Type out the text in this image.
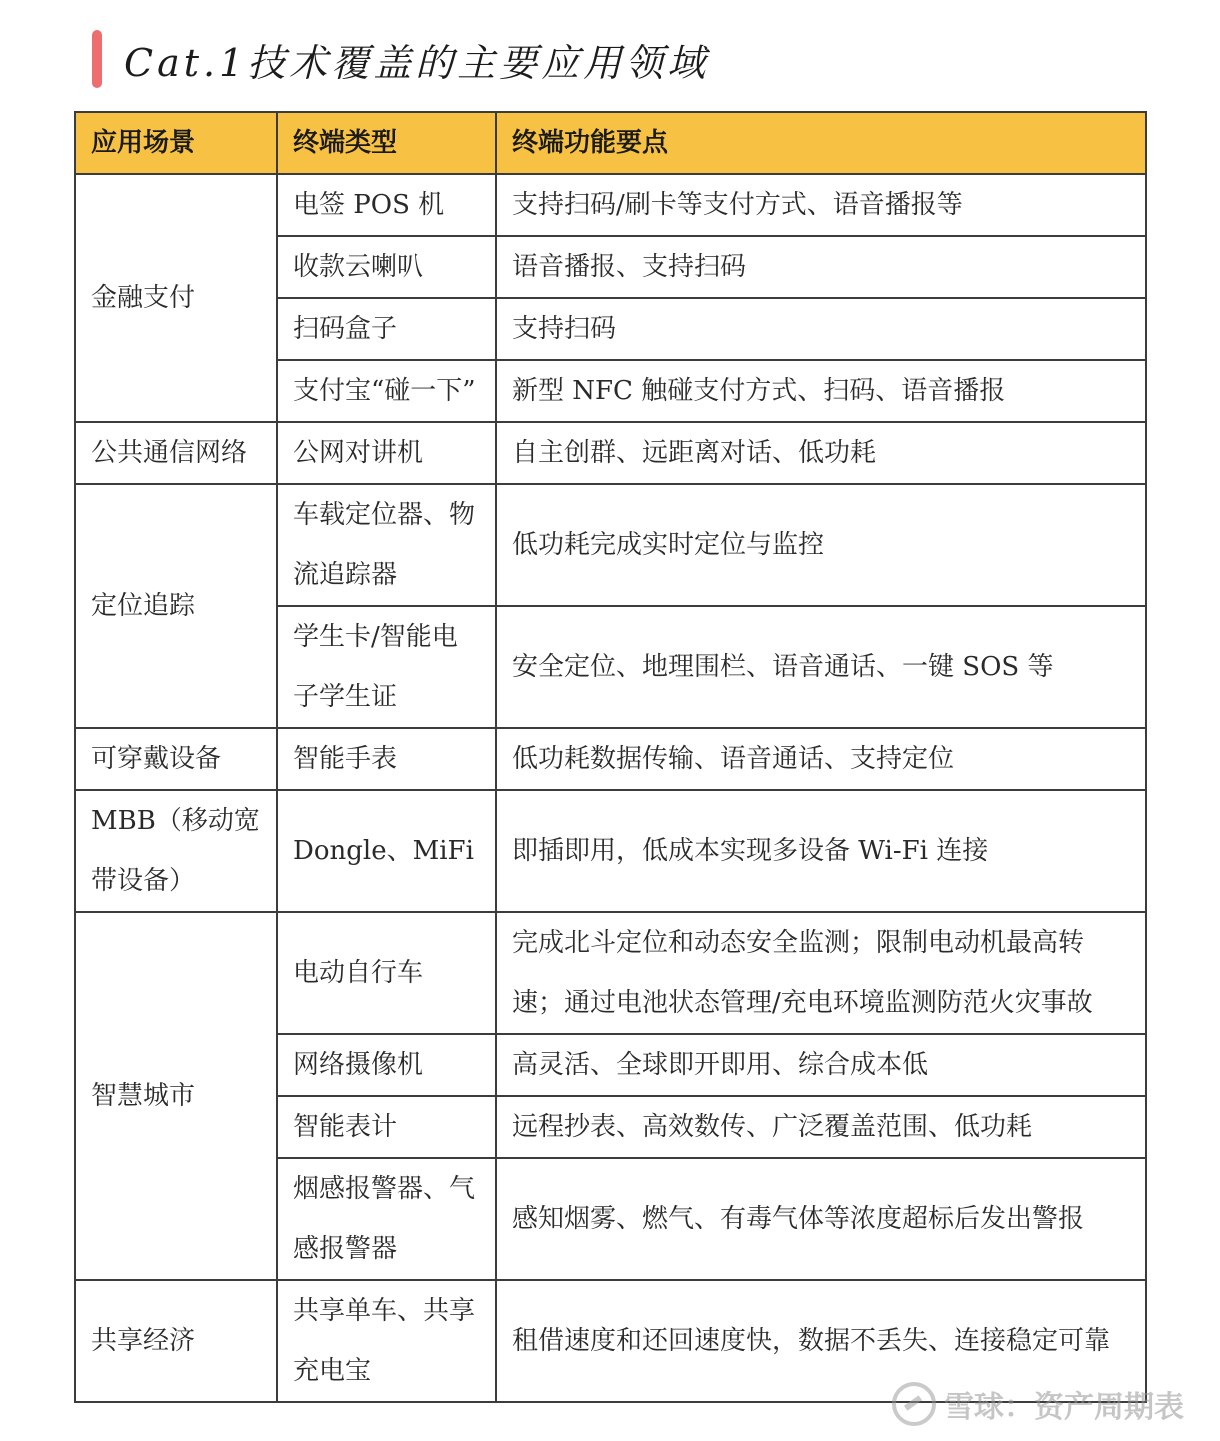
Cat.1技术覆盖的主要应用领域
应用场景	终端类型	终端功能要点
金融支付	电签 POS 机	支持扫码/刷卡等支付方式、语音播报等
	收款云喇叭	语音播报、支持扫码
	扫码盒子	支持扫码
	支付宝“碰一下”	新型 NFC 触碰支付方式、扫码、语音播报
公共通信网络	公网对讲机	自主创群、远距离对话、低功耗
定位追踪	车载定位器、物流追踪器	低功耗完成实时定位与监控
	学生卡/智能电子学生证	安全定位、地理围栏、语音通话、一键 SOS 等
可穿戴设备	智能手表	低功耗数据传输、语音通话、支持定位
MBB（移动宽带设备）	Dongle、MiFi	即插即用，低成本实现多设备 Wi-Fi 连接
智慧城市	电动自行车	完成北斗定位和动态安全监测；限制电动机最高转速；通过电池状态管理/充电环境监测防范火灾事故
	网络摄像机	高灵活、全球即开即用、综合成本低
	智能表计	远程抄表、高效数传、广泛覆盖范围、低功耗
	烟感报警器、气感报警器	感知烟雾、燃气、有毒气体等浓度超标后发出警报
共享经济	共享单车、共享充电宝	租借速度和还回速度快，数据不丢失、连接稳定可靠
雪球：资产周期表
